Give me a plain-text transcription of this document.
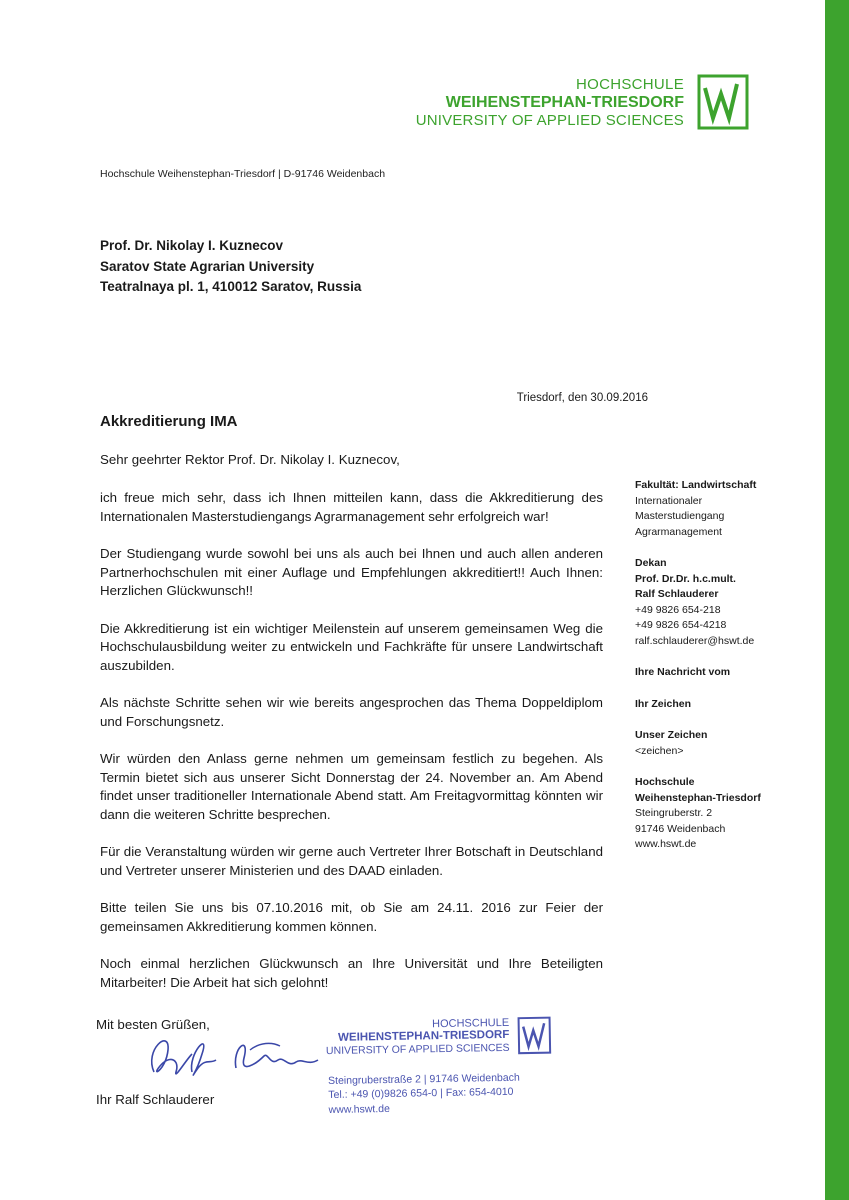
HOCHSCHULE
WEIHENSTEPHAN-TRIESDORF
UNIVERSITY OF APPLIED SCIENCES
Hochschule Weihenstephan-Triesdorf | D-91746 Weidenbach
Prof. Dr. Nikolay I. Kuznecov
Saratov State Agrarian University
Teatralnaya pl. 1, 410012 Saratov, Russia
Triesdorf, den 30.09.2016
Akkreditierung IMA
Sehr geehrter Rektor Prof. Dr. Nikolay I. Kuznecov,

ich freue mich sehr, dass ich Ihnen mitteilen kann, dass die Akkreditierung des Internationalen Masterstudiengangs Agrarmanagement sehr erfolgreich war!

Der Studiengang wurde sowohl bei uns als auch bei Ihnen und auch allen anderen Partnerhochschulen mit einer Auflage und Empfehlungen akkreditiert!! Auch Ihnen: Herzlichen Glückwunsch!!

Die Akkreditierung ist ein wichtiger Meilenstein auf unserem gemeinsamen Weg die Hochschulausbildung weiter zu entwickeln und Fachkräfte für unsere Landwirtschaft auszubilden.

Als nächste Schritte sehen wir wie bereits angesprochen das Thema Doppeldiplom und Forschungsnetz.

Wir würden den Anlass gerne nehmen um gemeinsam festlich zu begehen. Als Termin bietet sich aus unserer Sicht Donnerstag der 24. November an. Am Abend findet unser traditioneller Internationale Abend statt. Am Freitagvormittag könnten wir dann die weiteren Schritte besprechen.

Für die Veranstaltung würden wir gerne auch Vertreter Ihrer Botschaft in Deutschland und Vertreter unserer Ministerien und des DAAD einladen.

Bitte teilen Sie uns bis 07.10.2016 mit, ob Sie am 24.11. 2016 zur Feier der gemeinsamen Akkreditierung kommen können.

Noch einmal herzlichen Glückwunsch an Ihre Universität und Ihre Beteiligten Mitarbeiter! Die Arbeit hat sich gelohnt!

Fakultät: Landwirtschaft
Internationaler
Masterstudiengang
Agrarmanagement
Dekan
Prof. Dr.Dr. h.c.mult.
Ralf Schlauderer
+49 9826 654-218
+49 9826 654-4218
ralf.schlauderer@hswt.de
Ihre Nachricht vom
Ihr Zeichen
Unser Zeichen
<zeichen>
Hochschule
Weihenstephan-Triesdorf
Steingruberstr. 2
91746 Weidenbach
www.hswt.de
Mit besten Grüßen,
Ihr Ralf Schlauderer
HOCHSCHULE
WEIHENSTEPHAN-TRIESDORF
UNIVERSITY OF APPLIED SCIENCES
Steingruberstraße 2 | 91746 Weidenbach
Tel.: +49 (0)9826 654-0 | Fax: 654-4010
www.hswt.de
